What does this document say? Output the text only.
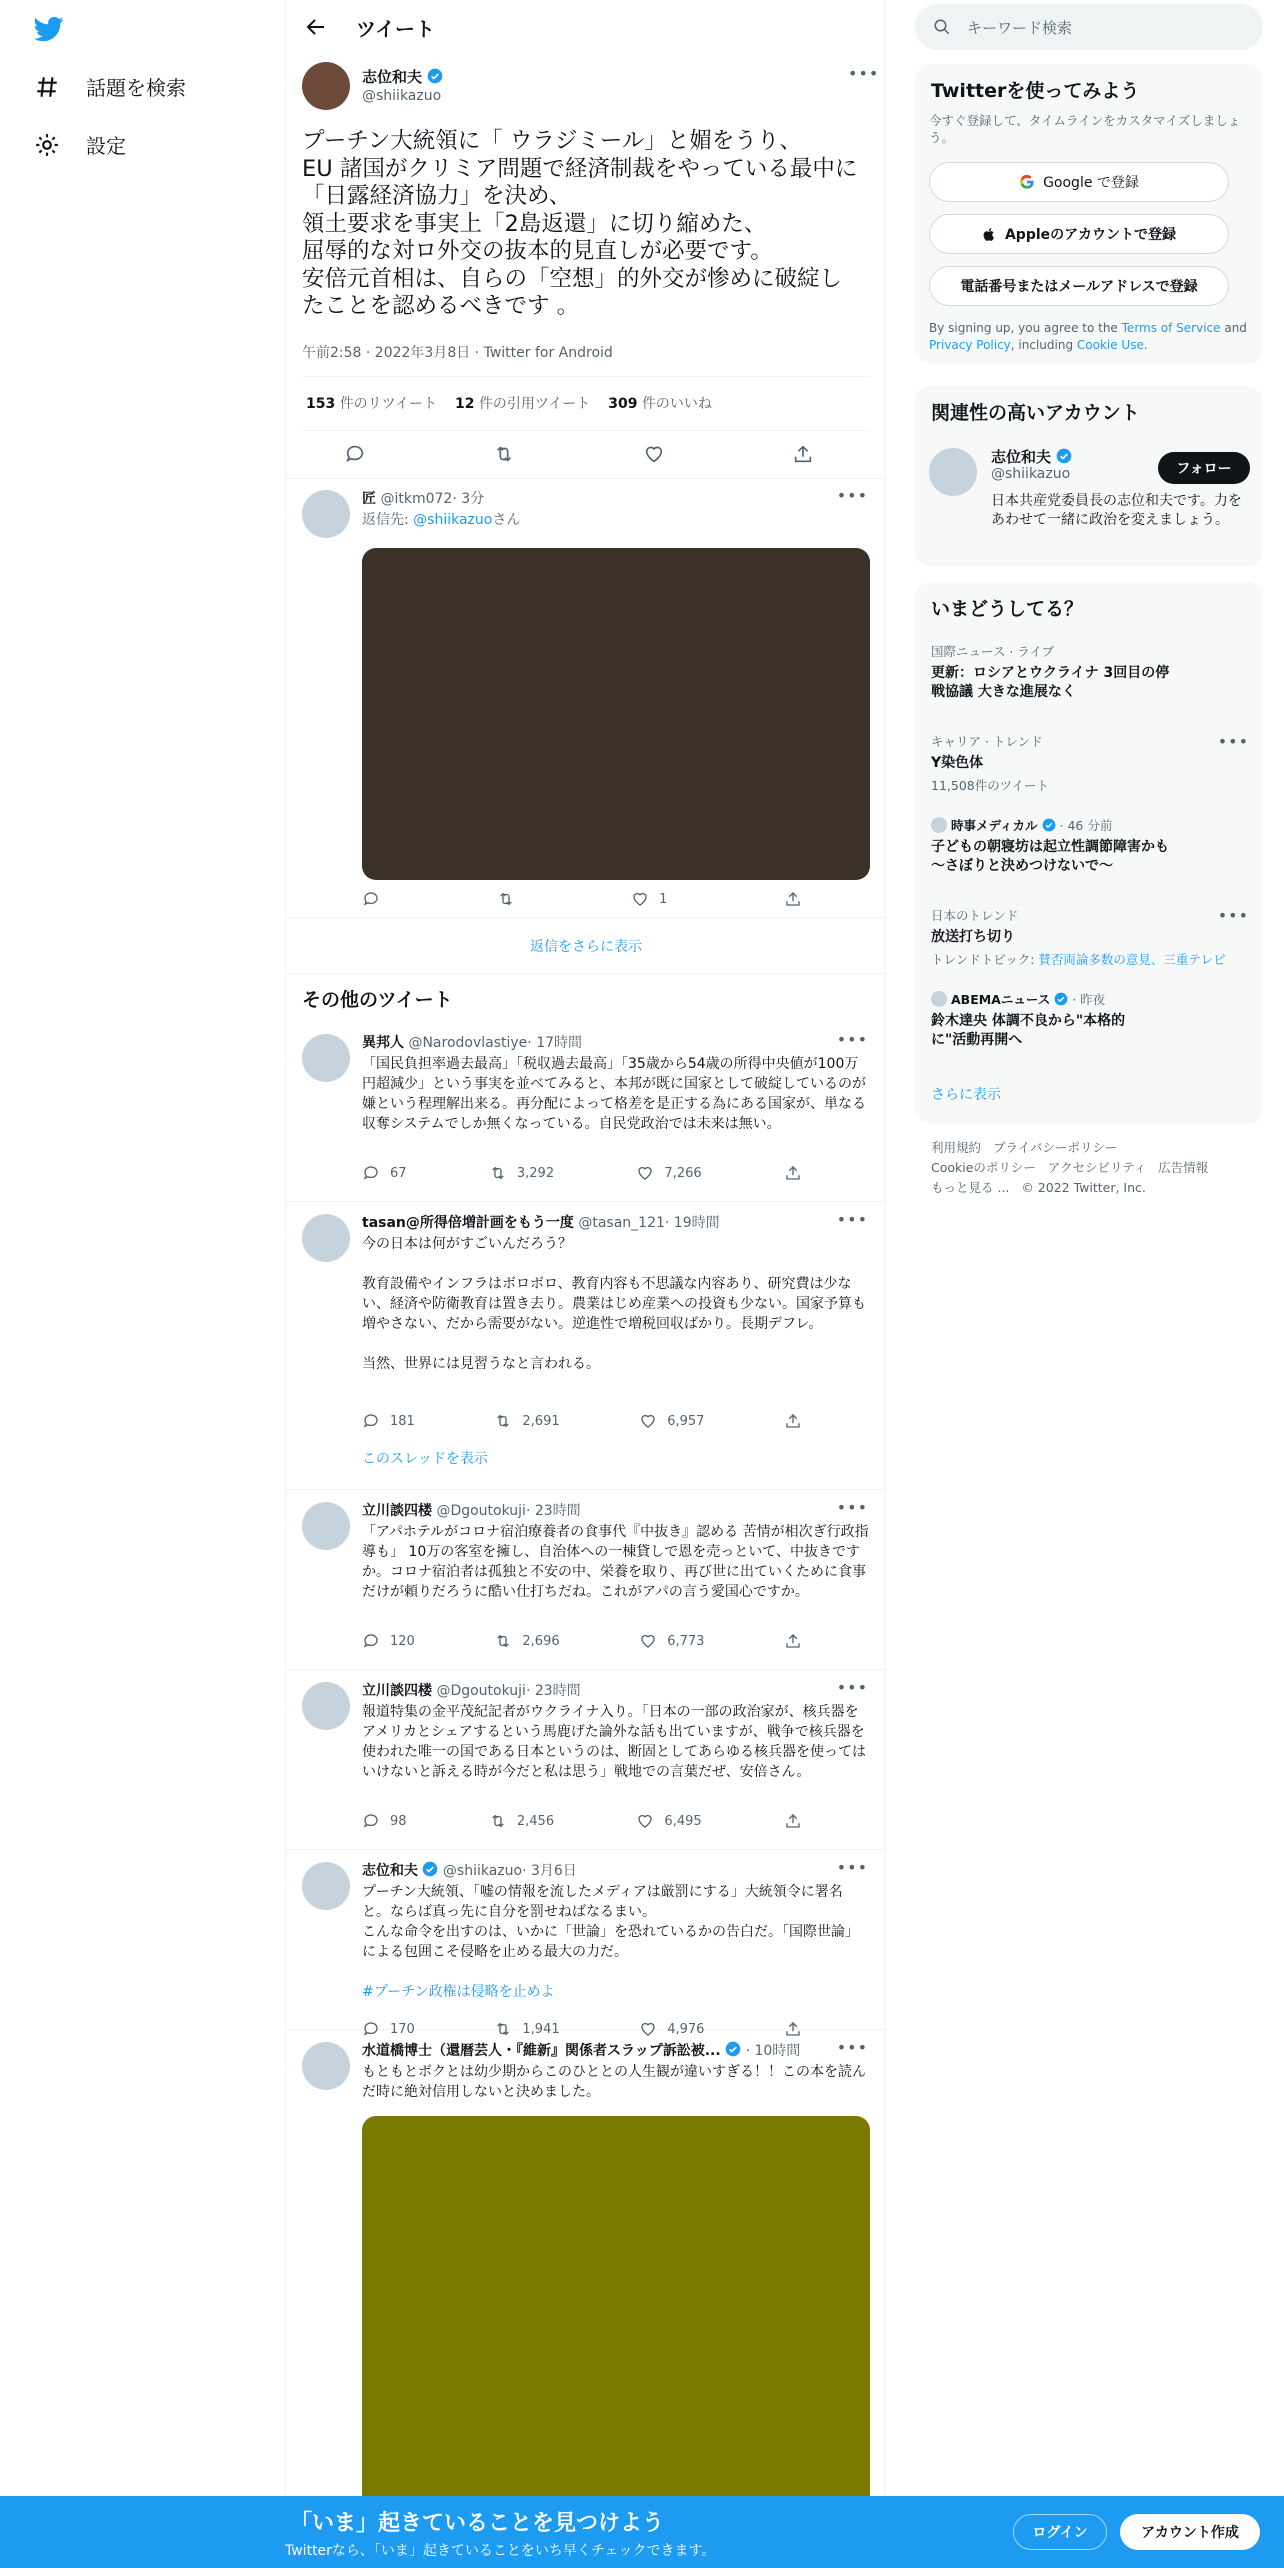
話題を検索
設定
ツイート
志位和夫
@shiikazuo
•••
プーチン大統領に「 ウラジミール」と媚をうり、
EU 諸国がクリミア問題で経済制裁をやっている最中に「日露経済協力」を決め、
領土要求を事実上「2島返還」に切り縮めた、
屈辱的な対ロ外交の抜本的見直しが必要です。
安倍元首相は、自らの「空想」的外交が惨めに破綻したことを認めるべきです 。
午前2:58 · 2022年3月8日 · Twitter for Android
153 件のリツイート 12 件の引用ツイート 309 件のいいね
匠 @itkm072· 3分	•••
返信先: @shiikazuoさん
1
返信をさらに表示
その他のツイート
異邦人 @Narodovlastiye· 17時間	•••
「国民負担率過去最高」「税収過去最高」「35歳から54歳の所得中央値が100万円超減少」という事実を並べてみると、本邦が既に国家として破綻しているのが嫌という程理解出来る。再分配によって格差を是正する為にある国家が、単なる収奪システムでしか無くなっている。自民党政治では未来は無い。
67	3,292	7,266
tasan@所得倍増計画をもう一度 @tasan_121· 19時間	•••
今の日本は何がすごいんだろう？

教育設備やインフラはボロボロ、教育内容も不思議な内容あり、研究費は少ない、経済や防衛教育は置き去り。農業はじめ産業への投資も少ない。国家予算も増やさない、だから需要がない。逆進性で増税回収ばかり。長期デフレ。

当然、世界には見習うなと言われる。
181	2,691	6,957
このスレッドを表示
立川談四楼 @Dgoutokuji· 23時間	•••
「アパホテルがコロナ宿泊療養者の食事代『中抜き』認める 苦情が相次ぎ行政指導も」 10万の客室を擁し、自治体への一棟貸しで恩を売っといて、中抜きですか。コロナ宿泊者は孤独と不安の中、栄養を取り、再び世に出ていくために食事だけが頼りだろうに酷い仕打ちだね。これがアパの言う愛国心ですか。
120	2,696	6,773
立川談四楼 @Dgoutokuji· 23時間	•••
報道特集の金平茂紀記者がウクライナ入り。「日本の一部の政治家が、核兵器をアメリカとシェアするという馬鹿げた論外な話も出ていますが、戦争で核兵器を使われた唯一の国である日本というのは、断固としてあらゆる核兵器を使ってはいけないと訴える時が今だと私は思う」戦地での言葉だぜ、安倍さん。
98	2,456	6,495
志位和夫 @shiikazuo· 3月6日	•••
プーチン大統領、「嘘の情報を流したメディアは厳罰にする」大統領令に署名と。ならば真っ先に自分を罰せねばなるまい。
こんな命令を出すのは、いかに「世論」を恐れているかの告白だ。「国際世論」による包囲こそ侵略を止める最大の力だ。
#プーチン政権は侵略を止めよ
170	1,941	4,976
水道橋博士（還暦芸人・『維新』関係者スラップ訴訟被... · 10時間	•••
もともとボクとは幼少期からこのひととの人生観が違いすぎる！！この本を読んだ時に絶対信用しないと決めました。
キーワード検索
Twitterを使ってみよう
今すぐ登録して、タイムラインをカスタマイズしましょう。
Google で登録
Appleのアカウントで登録
電話番号またはメールアドレスで登録
By signing up, you agree to the Terms of Service and Privacy Policy, including Cookie Use.
関連性の高いアカウント
志位和夫
@shiikazuo	フォロー
日本共産党委員長の志位和夫です。力をあわせて一緒に政治を変えましょう。
いまどうしてる？
国際ニュース · ライブ
更新：ロシアとウクライナ 3回目の停戦協議 大きな進展なく
キャリア · トレンド
Y染色体
11,508件のツイート
•••
時事メディカル · 46 分前
子どもの朝寝坊は起立性調節障害かも～さぼりと決めつけないで～
日本のトレンド
放送打ち切り
トレンドトピック: 賛否両論多数の意見、三重テレビ
•••
ABEMAニュース · 昨夜
鈴木達央 体調不良から"本格的に"活動再開へ
さらに表示
利用規約 プライバシーポリシー
Cookieのポリシー アクセシビリティ 広告情報
もっと見る ... © 2022 Twitter, Inc.
「いま」起きていることを見つけよう
Twitterなら、「いま」起きていることをいち早くチェックできます。
ログイン	アカウント作成
